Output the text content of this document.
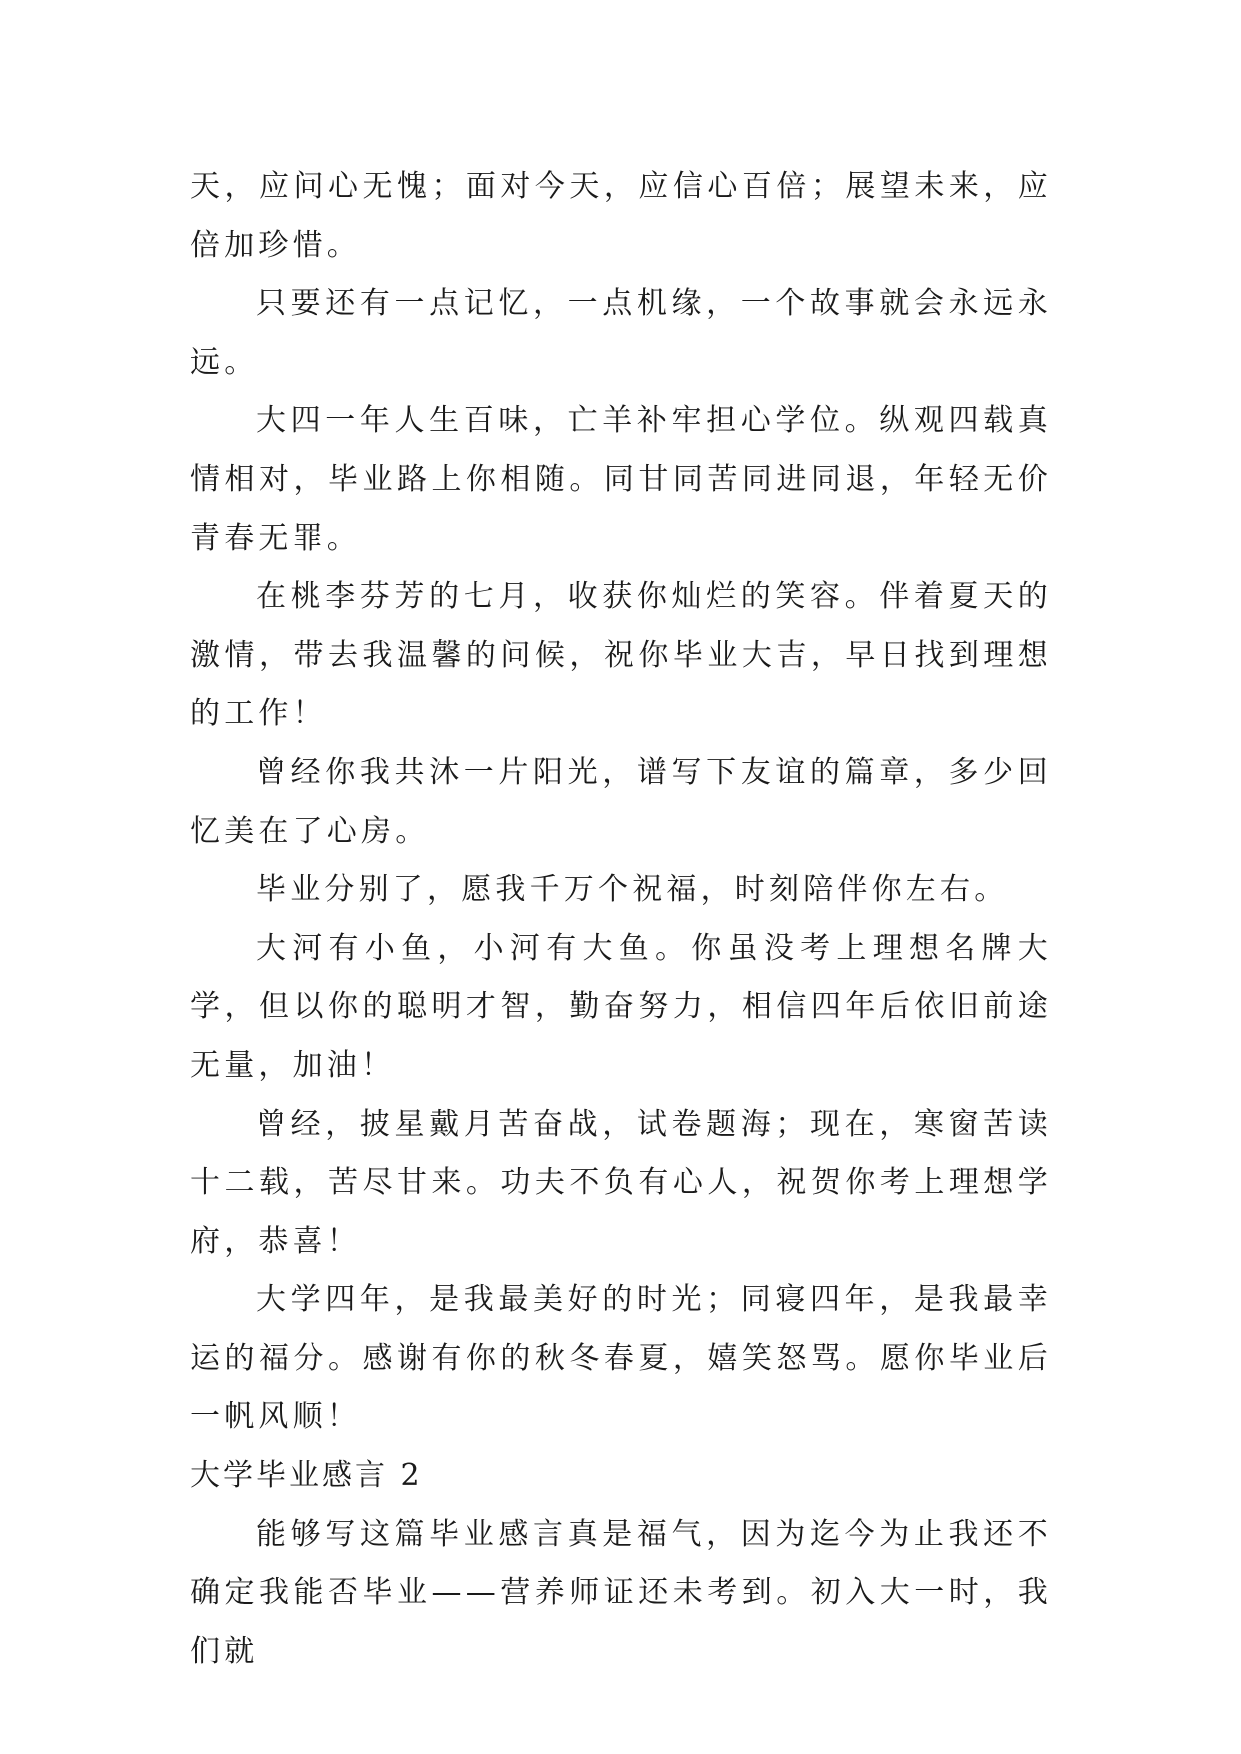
天，应问心无愧；面对今天，应信心百倍；展望未来，应倍加珍惜。

只要还有一点记忆，一点机缘，一个故事就会永远永远。

大四一年人生百味，亡羊补牢担心学位。纵观四载真情相对，毕业路上你相随。同甘同苦同进同退，年轻无价青春无罪。

在桃李芬芳的七月，收获你灿烂的笑容。伴着夏天的激情，带去我温馨的问候，祝你毕业大吉，早日找到理想的工作！

曾经你我共沐一片阳光，谱写下友谊的篇章，多少回忆美在了心房。

毕业分别了，愿我千万个祝福，时刻陪伴你左右。

大河有小鱼，小河有大鱼。你虽没考上理想名牌大学，但以你的聪明才智，勤奋努力，相信四年后依旧前途无量，加油！

曾经，披星戴月苦奋战，试卷题海；现在，寒窗苦读十二载，苦尽甘来。功夫不负有心人，祝贺你考上理想学府，恭喜！

大学四年，是我最美好的时光；同寝四年，是我最幸运的福分。感谢有你的秋冬春夏，嬉笑怒骂。愿你毕业后一帆风顺！

大学毕业感言 2

能够写这篇毕业感言真是福气，因为迄今为止我还不确定我能否毕业——营养师证还未考到。初入大一时，我们就
